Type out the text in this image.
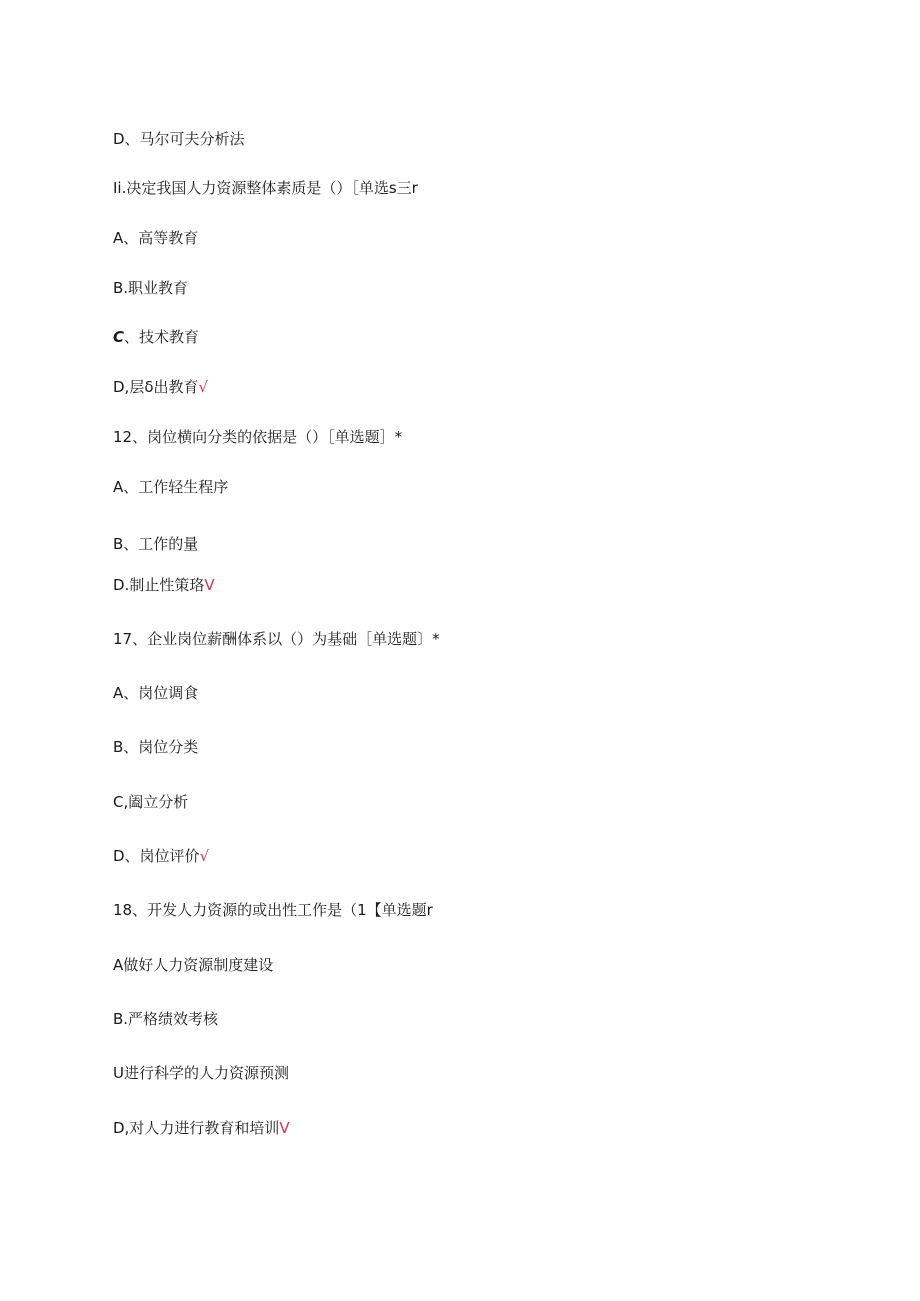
D、马尔可夫分析法
Ii.决定我国人力资源整体素质是（）［单选s三r
A、高等教育
B.职业教育
C、技术教育
D,层δ出教育√
12、岗位横向分类的依据是（）［单选题］*
A、工作轻生程序
B、工作的量
D.制止性策珞V
17、企业岗位薪酬体系以（）为基础［单选题〕*
A、岗位调食
B、岗位分类
C,阖立分析
D、岗位评价√
18、开发人力资源的或出性工作是（1【单选题r
A做好人力资源制度建设
B.严格绩效考核
U进行科学的人力资源预测
D,对人力进行教育和培训V
